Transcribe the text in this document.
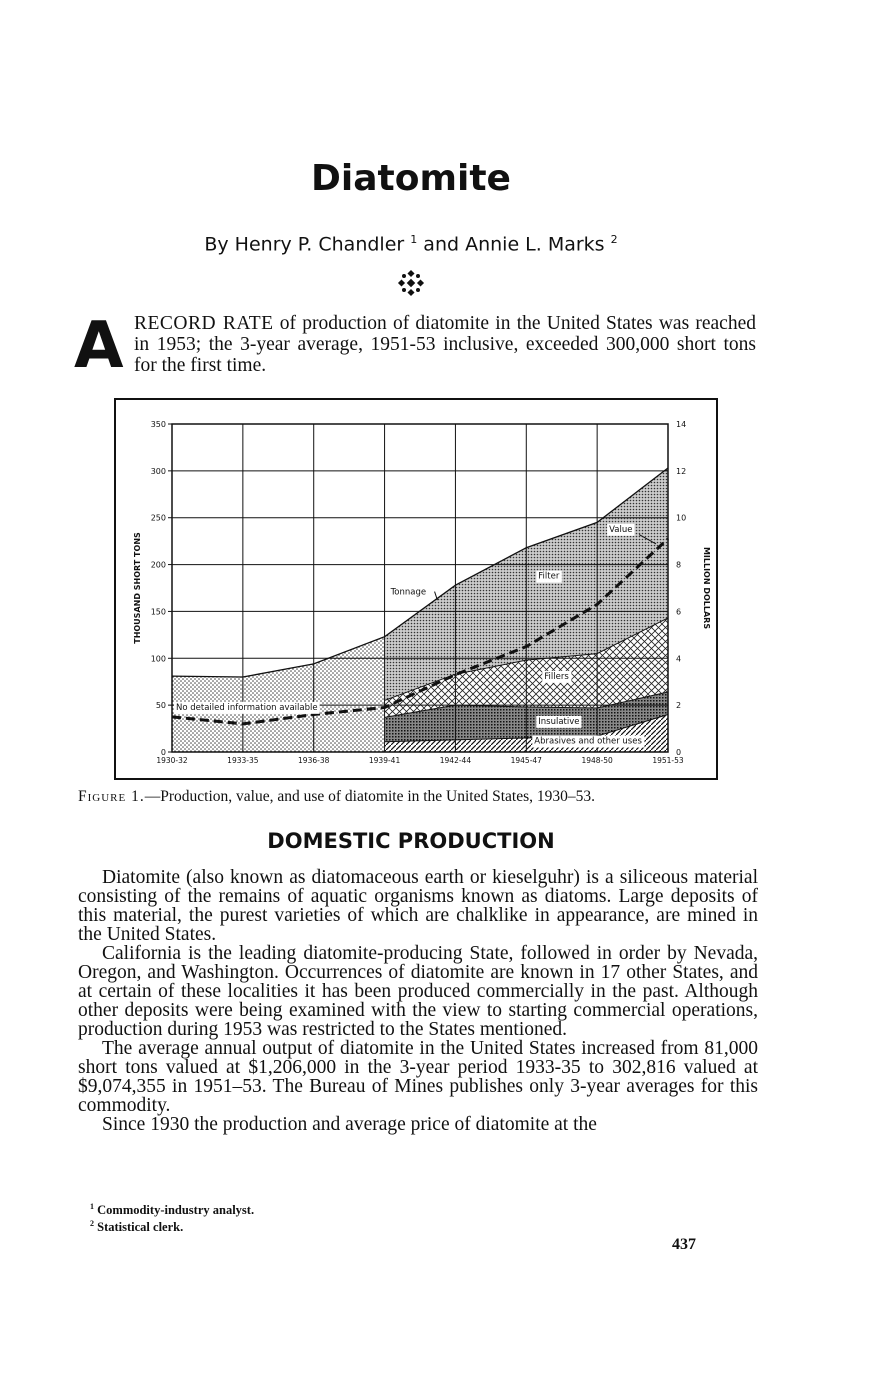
Diatomite
By Henry P. Chandler $^1$ and Annie L. Marks $^2$
A RECORD RATE of production of diatomite in the United States was reached in 1953; the 3-year average, 1951-53 inclusive, exceeded 300,000 short tons for the first time.

350
300
250
200
150
100
50
0
14
12
10
8
6
4
2
0
1930-32	1933-35	1936-38	1939-41	1942-44	1945-47	1948-50	1951-53
THOUSAND SHORT TONS	MILLION DOLLARS
No detailed information available
Filter
Fillers
Insulative
Abrasives and other uses
Tonnage
Value
Figure 1.—Production, value, and use of diatomite in the United States, 1930–53.
DOMESTIC PRODUCTION

Diatomite (also known as diatomaceous earth or kieselguhr) is a siliceous material consisting of the remains of aquatic organisms known as diatoms. Large deposits of this material, the purest varieties of which are chalklike in appearance, are mined in the United States.

California is the leading diatomite-producing State, followed in order by Nevada, Oregon, and Washington. Occurrences of diatomite are known in 17 other States, and at certain of these localities it has been produced commercially in the past. Although other deposits were being examined with the view to starting commercial operations, production during 1953 was restricted to the States mentioned.

The average annual output of diatomite in the United States increased from 81,000 short tons valued at $1,206,000 in the 3-year period 1933-35 to 302,816 valued at $9,074,355 in 1951–53. The Bureau of Mines publishes only 3-year averages for this commodity.

Since 1930 the production and average price of diatomite at the

$^1$ Commodity-industry analyst.
$^2$ Statistical clerk.
437
